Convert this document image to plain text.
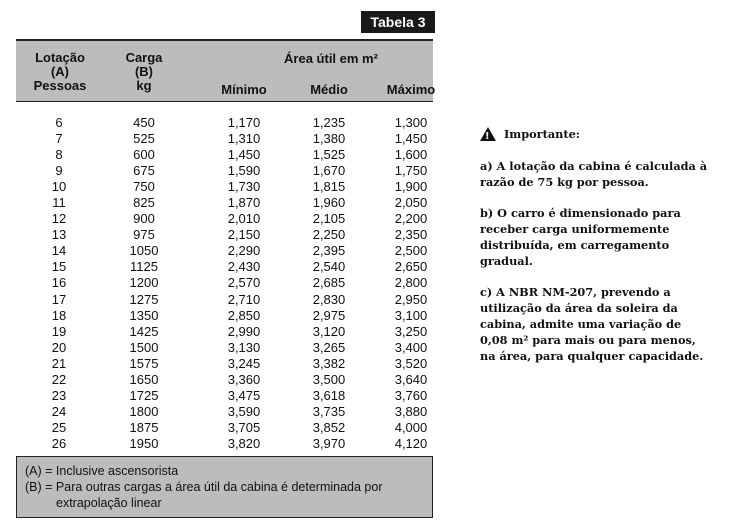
Tabela 3
Lotação
(A)
Pessoas
Carga
(B)
kg
Área útil em m²
Mínimo	Médio	Máximo
6	450	1,170	1,235	1,300
7	525	1,310	1,380	1,450
8	600	1,450	1,525	1,600
9	675	1,590	1,670	1,750
10	750	1,730	1,815	1,900
11	825	1,870	1,960	2,050
12	900	2,010	2,105	2,200
13	975	2,150	2,250	2,350
14	1050	2,290	2,395	2,500
15	1125	2,430	2,540	2,650
16	1200	2,570	2,685	2,800
17	1275	2,710	2,830	2,950
18	1350	2,850	2,975	3,100
19	1425	2,990	3,120	3,250
20	1500	3,130	3,265	3,400
21	1575	3,245	3,382	3,520
22	1650	3,360	3,500	3,640
23	1725	3,475	3,618	3,760
24	1800	3,590	3,735	3,880
25	1875	3,705	3,852	4,000
26	1950	3,820	3,970	4,120
(A) = Inclusive ascensorista
(B) = Para outras cargas a área útil da cabina é determinada por
extrapolação linear
!
Importante:

a) A lotação da cabina é calculada à razão de 75 kg por pessoa.

b) O carro é dimensionado para receber carga uniformemente distribuída, em carregamento gradual.

c) A NBR NM-207, prevendo a utilização da área da soleira da cabina, admite uma variação de 0,08 m² para mais ou para menos, na área, para qualquer capacidade.
